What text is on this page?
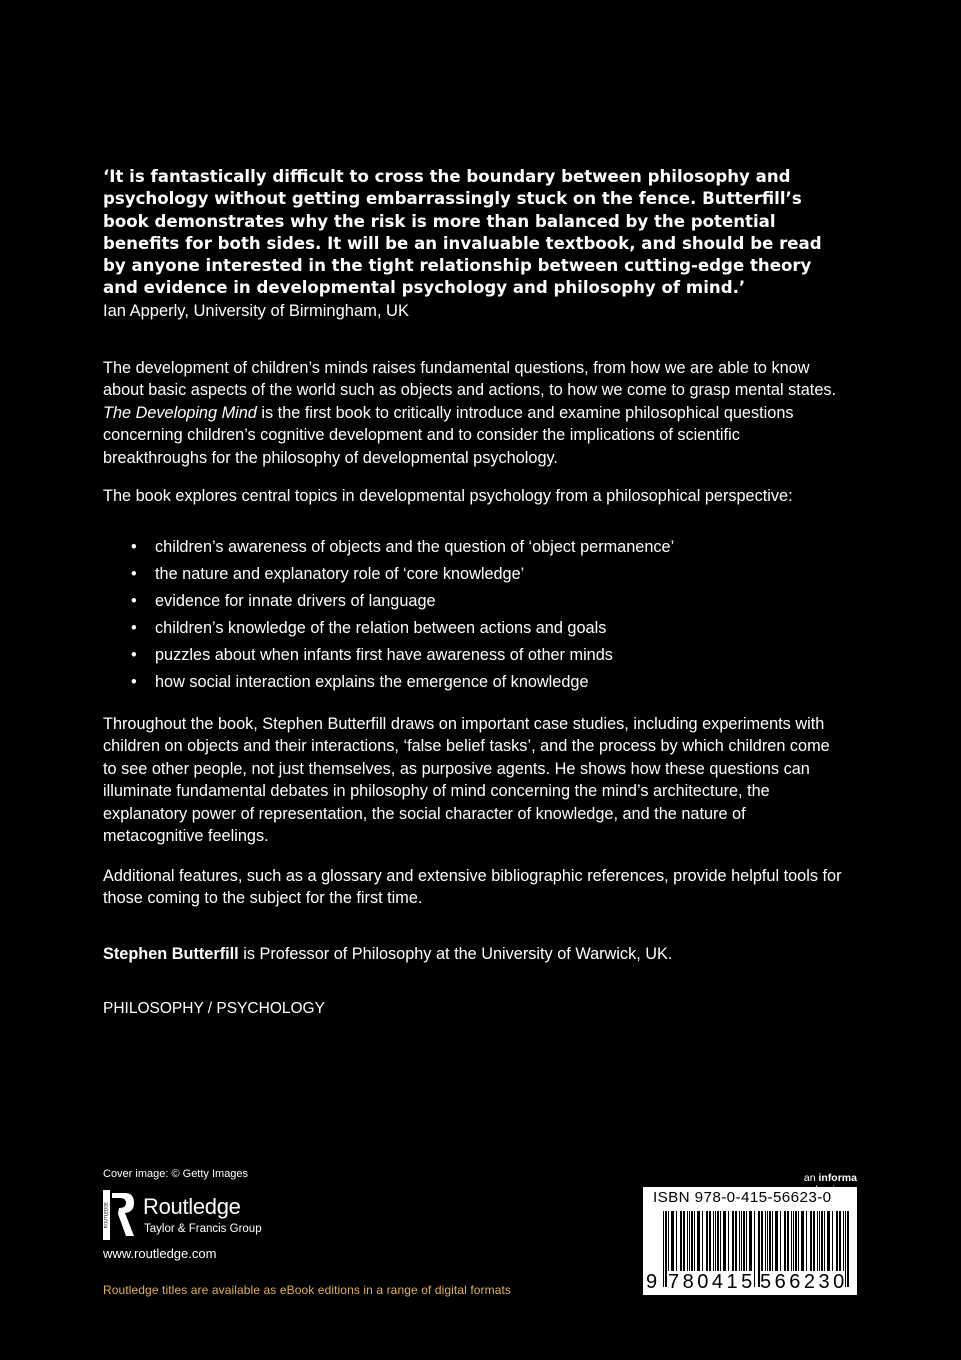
‘It is fantastically difficult to cross the boundary between philosophy and psychology without getting embarrassingly stuck on the fence. Butterfill’s book demonstrates why the risk is more than balanced by the potential benefits for both sides. It will be an invaluable textbook, and should be read by anyone interested in the tight relationship between cutting-edge theory and evidence in developmental psychology and philosophy of mind.’
Ian Apperly, University of Birmingham, UK
The development of children’s minds raises fundamental questions, from how we are able to know about basic aspects of the world such as objects and actions, to how we come to grasp mental states. The Developing Mind is the first book to critically introduce and examine philosophical questions concerning children’s cognitive development and to consider the implications of scientific breakthroughs for the philosophy of developmental psychology.
The book explores central topics in developmental psychology from a philosophical perspective:
• children’s awareness of objects and the question of ‘object permanence’
• the nature and explanatory role of ‘core knowledge’
• evidence for innate drivers of language
• children’s knowledge of the relation between actions and goals
• puzzles about when infants first have awareness of other minds
• how social interaction explains the emergence of knowledge
Throughout the book, Stephen Butterfill draws on important case studies, including experiments with children on objects and their interactions, ‘false belief tasks’, and the process by which children come to see other people, not just themselves, as purposive agents. He shows how these questions can illuminate fundamental debates in philosophy of mind concerning the mind’s architecture, the explanatory power of representation, the social character of knowledge, and the nature of metacognitive feelings.
Additional features, such as a glossary and extensive bibliographic references, provide helpful tools for those coming to the subject for the first time.
Stephen Butterfill is Professor of Philosophy at the University of Warwick, UK.
PHILOSOPHY / PSYCHOLOGY
Cover image: © Getty Images
ROUTLEDGE Routledge
Taylor & Francis Group
www.routledge.com
Routledge titles are available as eBook editions in a range of digital formats
an informa
ISBN 978-0-415-56623-0
9 780415 566230
